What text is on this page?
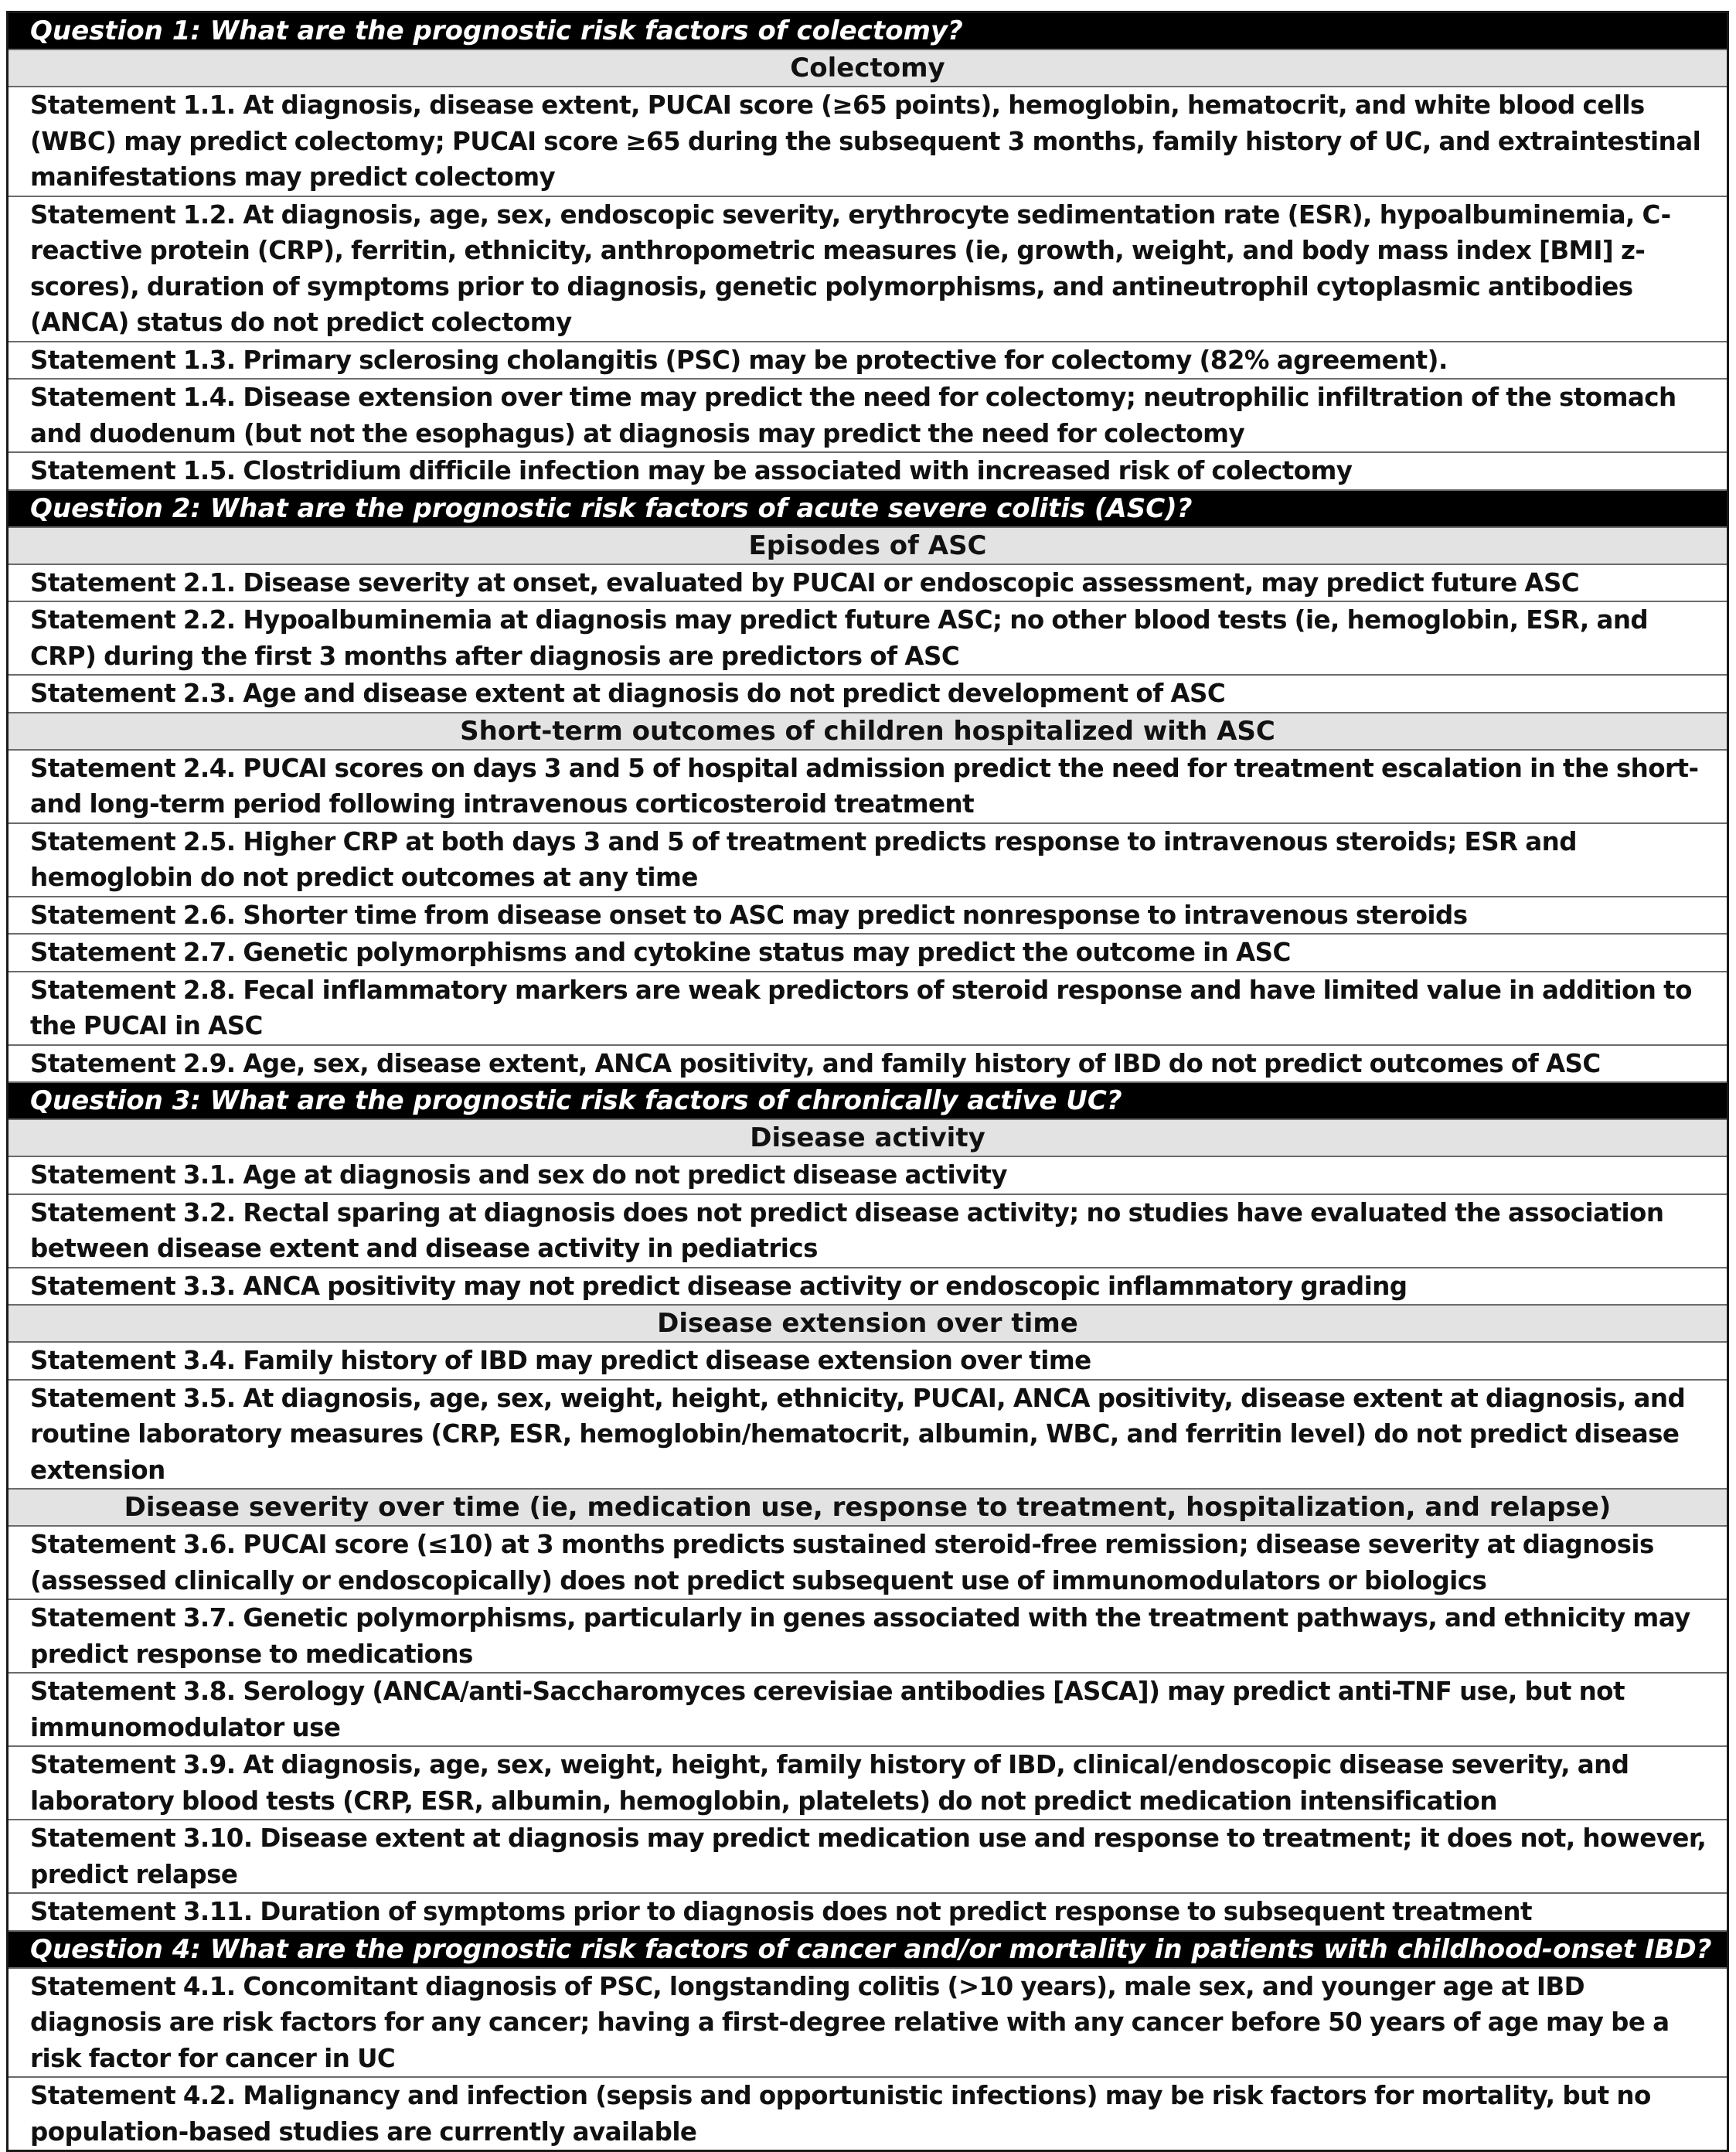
Question 1: What are the prognostic risk factors of colectomy?
Colectomy
Statement 1.1. At diagnosis, disease extent, PUCAI score (≥65 points), hemoglobin, hematocrit, and white blood cells (WBC) may predict colectomy; PUCAI score ≥65 during the subsequent 3 months, family history of UC, and extraintestinal manifestations may predict colectomy
Statement 1.2. At diagnosis, age, sex, endoscopic severity, erythrocyte sedimentation rate (ESR), hypoalbuminemia, C-reactive protein (CRP), ferritin, ethnicity, anthropometric measures (ie, growth, weight, and body mass index [BMI] z-scores), duration of symptoms prior to diagnosis, genetic polymorphisms, and antineutrophil cytoplasmic antibodies (ANCA) status do not predict colectomy
Statement 1.3. Primary sclerosing cholangitis (PSC) may be protective for colectomy (82% agreement).
Statement 1.4. Disease extension over time may predict the need for colectomy; neutrophilic infiltration of the stomach and duodenum (but not the esophagus) at diagnosis may predict the need for colectomy
Statement 1.5. Clostridium difficile infection may be associated with increased risk of colectomy
Question 2: What are the prognostic risk factors of acute severe colitis (ASC)?
Episodes of ASC
Statement 2.1. Disease severity at onset, evaluated by PUCAI or endoscopic assessment, may predict future ASC
Statement 2.2. Hypoalbuminemia at diagnosis may predict future ASC; no other blood tests (ie, hemoglobin, ESR, and CRP) during the first 3 months after diagnosis are predictors of ASC
Statement 2.3. Age and disease extent at diagnosis do not predict development of ASC
Short-term outcomes of children hospitalized with ASC
Statement 2.4. PUCAI scores on days 3 and 5 of hospital admission predict the need for treatment escalation in the short- and long-term period following intravenous corticosteroid treatment
Statement 2.5. Higher CRP at both days 3 and 5 of treatment predicts response to intravenous steroids; ESR and hemoglobin do not predict outcomes at any time
Statement 2.6. Shorter time from disease onset to ASC may predict nonresponse to intravenous steroids
Statement 2.7. Genetic polymorphisms and cytokine status may predict the outcome in ASC
Statement 2.8. Fecal inflammatory markers are weak predictors of steroid response and have limited value in addition to the PUCAI in ASC
Statement 2.9. Age, sex, disease extent, ANCA positivity, and family history of IBD do not predict outcomes of ASC
Question 3: What are the prognostic risk factors of chronically active UC?
Disease activity
Statement 3.1. Age at diagnosis and sex do not predict disease activity
Statement 3.2. Rectal sparing at diagnosis does not predict disease activity; no studies have evaluated the association between disease extent and disease activity in pediatrics
Statement 3.3. ANCA positivity may not predict disease activity or endoscopic inflammatory grading
Disease extension over time
Statement 3.4. Family history of IBD may predict disease extension over time
Statement 3.5. At diagnosis, age, sex, weight, height, ethnicity, PUCAI, ANCA positivity, disease extent at diagnosis, and routine laboratory measures (CRP, ESR, hemoglobin/hematocrit, albumin, WBC, and ferritin level) do not predict disease extension
Disease severity over time (ie, medication use, response to treatment, hospitalization, and relapse)
Statement 3.6. PUCAI score (≤10) at 3 months predicts sustained steroid-free remission; disease severity at diagnosis (assessed clinically or endoscopically) does not predict subsequent use of immunomodulators or biologics
Statement 3.7. Genetic polymorphisms, particularly in genes associated with the treatment pathways, and ethnicity may predict response to medications
Statement 3.8. Serology (ANCA/anti-Saccharomyces cerevisiae antibodies [ASCA]) may predict anti-TNF use, but not immunomodulator use
Statement 3.9. At diagnosis, age, sex, weight, height, family history of IBD, clinical/endoscopic disease severity, and laboratory blood tests (CRP, ESR, albumin, hemoglobin, platelets) do not predict medication intensification
Statement 3.10. Disease extent at diagnosis may predict medication use and response to treatment; it does not, however, predict relapse
Statement 3.11. Duration of symptoms prior to diagnosis does not predict response to subsequent treatment
Question 4: What are the prognostic risk factors of cancer and/or mortality in patients with childhood-onset IBD?
Statement 4.1. Concomitant diagnosis of PSC, longstanding colitis (>10 years), male sex, and younger age at IBD diagnosis are risk factors for any cancer; having a first-degree relative with any cancer before 50 years of age may be a risk factor for cancer in UC
Statement 4.2. Malignancy and infection (sepsis and opportunistic infections) may be risk factors for mortality, but no population-based studies are currently available
